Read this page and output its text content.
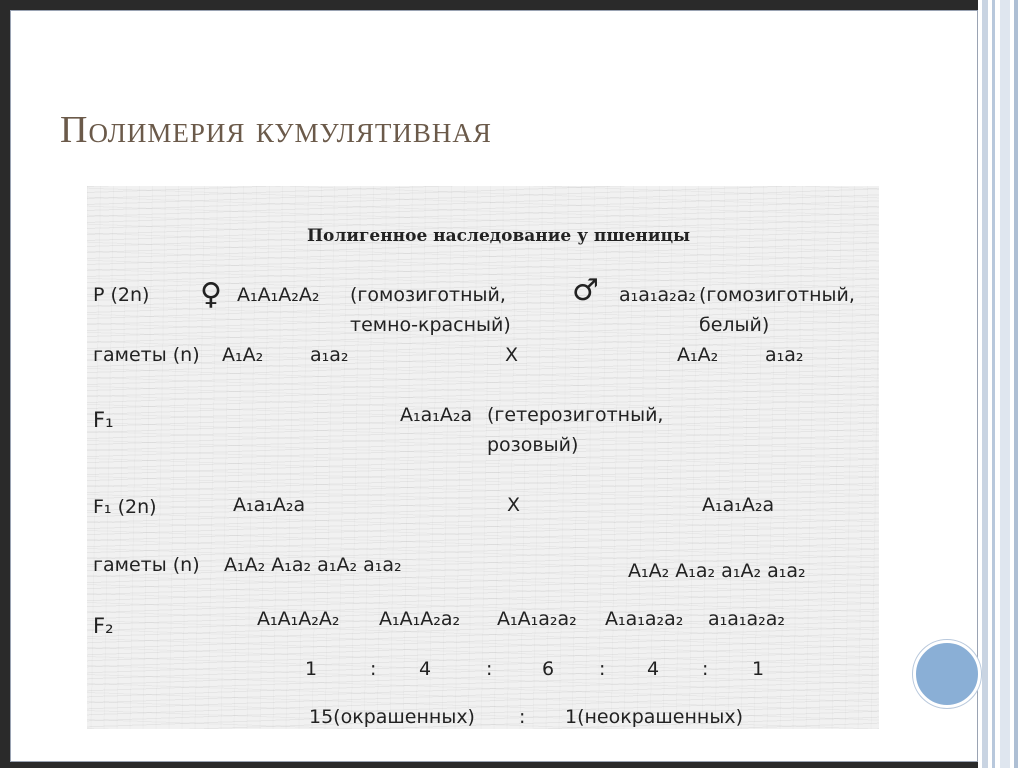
Полимерия кумулятивная
Полигенное наследование у пшеницы
P (2n) ♀ A₁A₁A₂A₂ (гомозиготный,
темно-красный)
♂ a₁a₁a₂a₂ (гомозиготный,
белый)
гаметы (n) A₁A₂ a₁a₂	X	A₁A₂ a₁a₂
F₁	A₁a₁A₂a (гетерозиготный,
розовый)
F₁ (2n)	A₁a₁A₂a	X	A₁a₁A₂a
гаметы (n) A₁A₂ A₁a₂ a₁A₂ a₁a₂	A₁A₂ A₁a₂ a₁A₂ a₁a₂
F₂	A₁A₁A₂A₂ A₁A₁A₂a₂ A₁A₁a₂a₂ A₁a₁a₂a₂ a₁a₁a₂a₂
1	: 4	:	6 : 4 : 1
15(окрашенных) : 1(неокрашенных)
